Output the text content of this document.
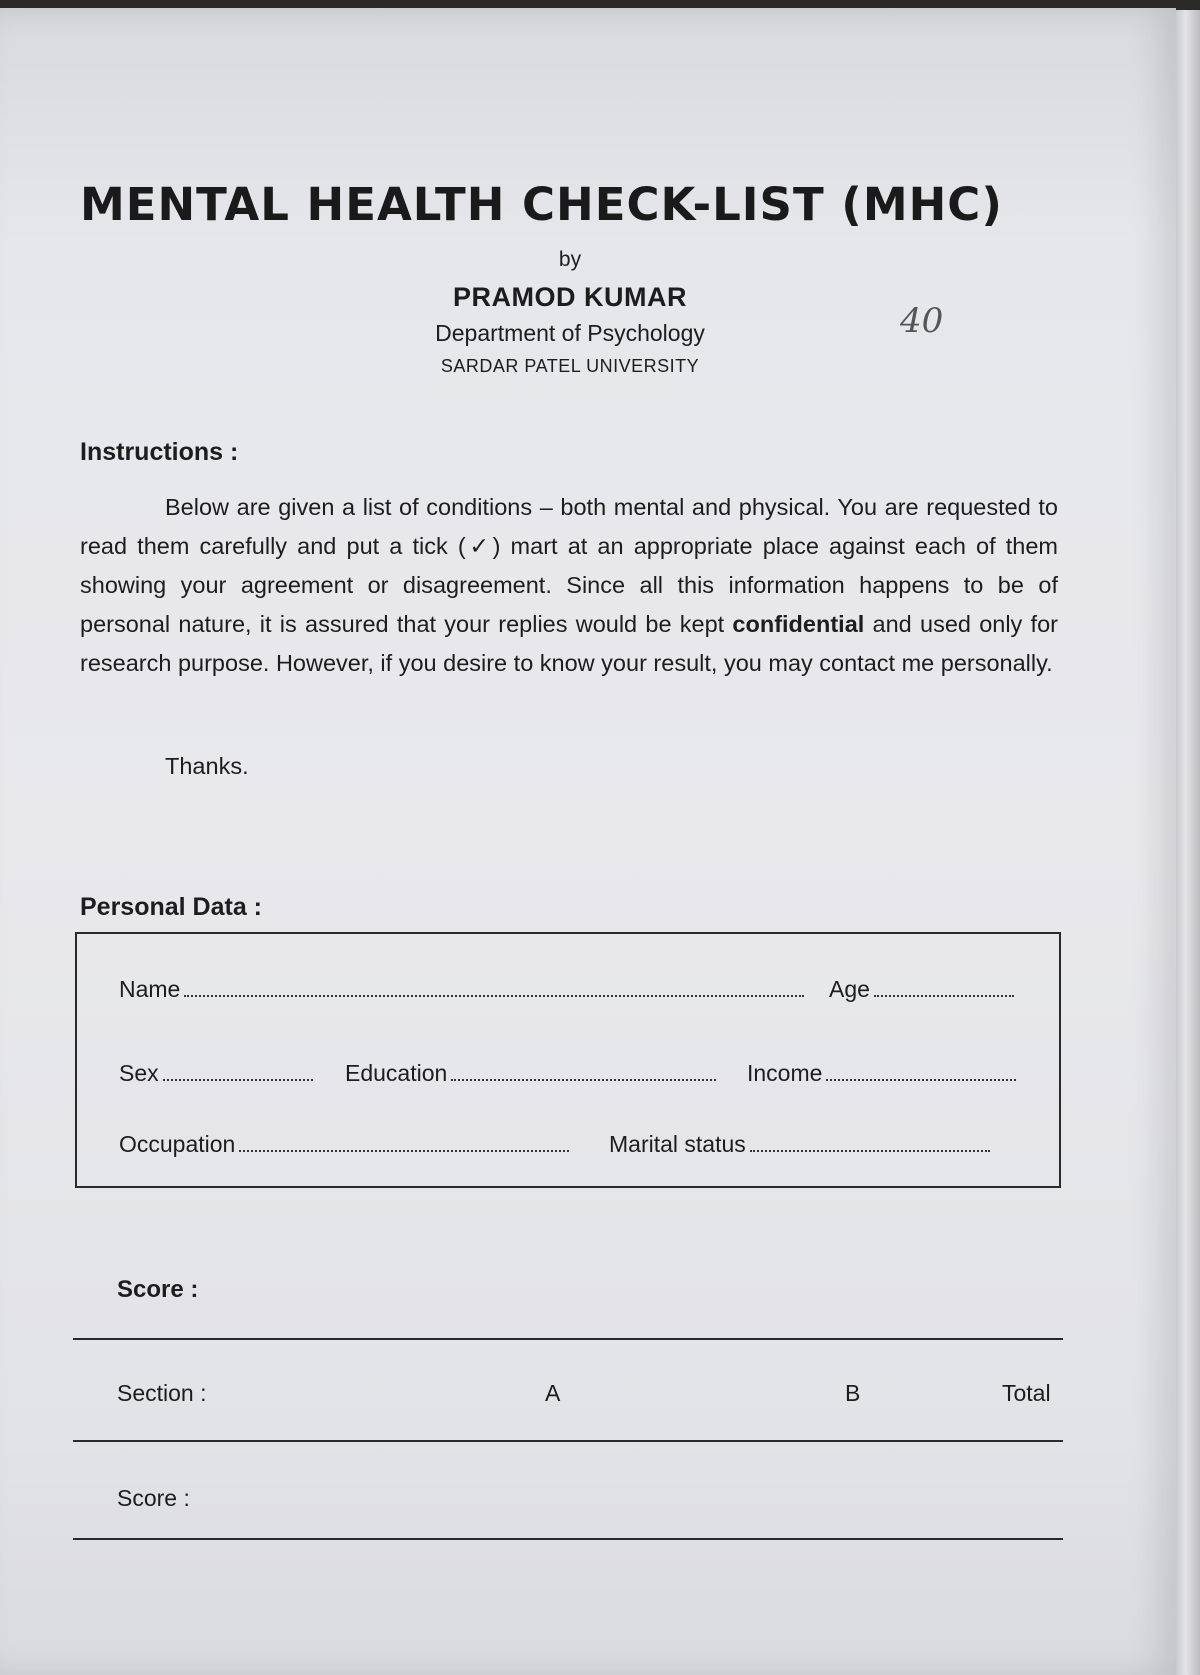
MENTAL HEALTH CHECK-LIST (MHC)
by
PRAMOD KUMAR
Department of Psychology
SARDAR PATEL UNIVERSITY
40
Instructions :
Below are given a list of conditions – both mental and physical. You are requested to read them carefully and put a tick (✓) mart at an appropriate place against each of them showing your agreement or disagreement. Since all this information happens to be of personal nature, it is assured that your replies would be kept confidential and used only for research purpose. However, if you desire to know your result, you may contact me personally.
Thanks.
Personal Data :
Name	Age
Sex	Education	Income
Occupation	Marital status
Score :
Section :	A	B	Total
Score :
